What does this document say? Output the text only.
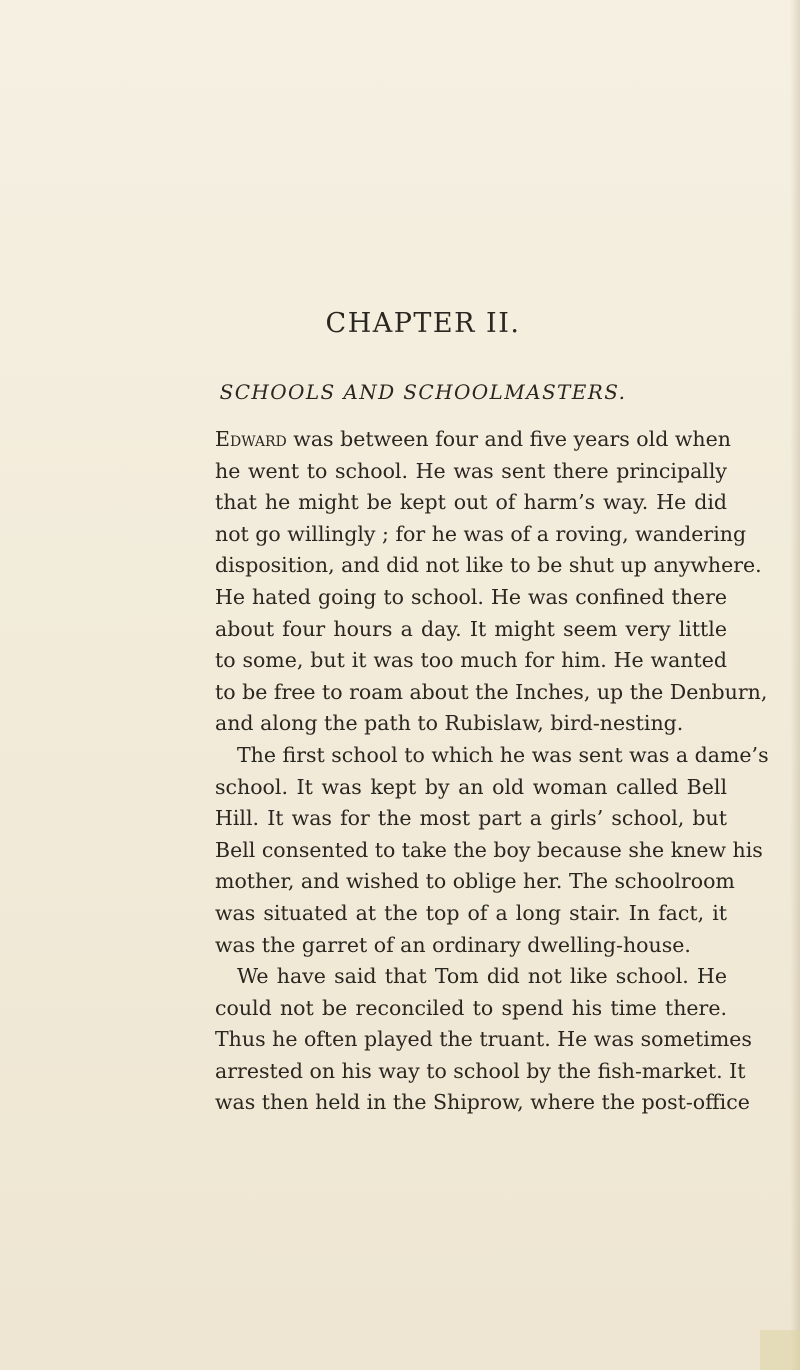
CHAPTER II.
SCHOOLS AND SCHOOLMASTERS.
Edward was between four and five years old when
he went to school. He was sent there principally
that he might be kept out of harm’s way. He did
not go willingly ; for he was of a roving, wandering
disposition, and did not like to be shut up anywhere.
He hated going to school. He was confined there
about four hours a day. It might seem very little
to some, but it was too much for him. He wanted
to be free to roam about the Inches, up the Denburn,
and along the path to Rubislaw, bird-nesting.
The first school to which he was sent was a dame’s
school. It was kept by an old woman called Bell
Hill. It was for the most part a girls’ school, but
Bell consented to take the boy because she knew his
mother, and wished to oblige her. The schoolroom
was situated at the top of a long stair. In fact, it
was the garret of an ordinary dwelling-house.
We have said that Tom did not like school. He
could not be reconciled to spend his time there.
Thus he often played the truant. He was sometimes
arrested on his way to school by the fish-market. It
was then held in the Shiprow, where the post-office
